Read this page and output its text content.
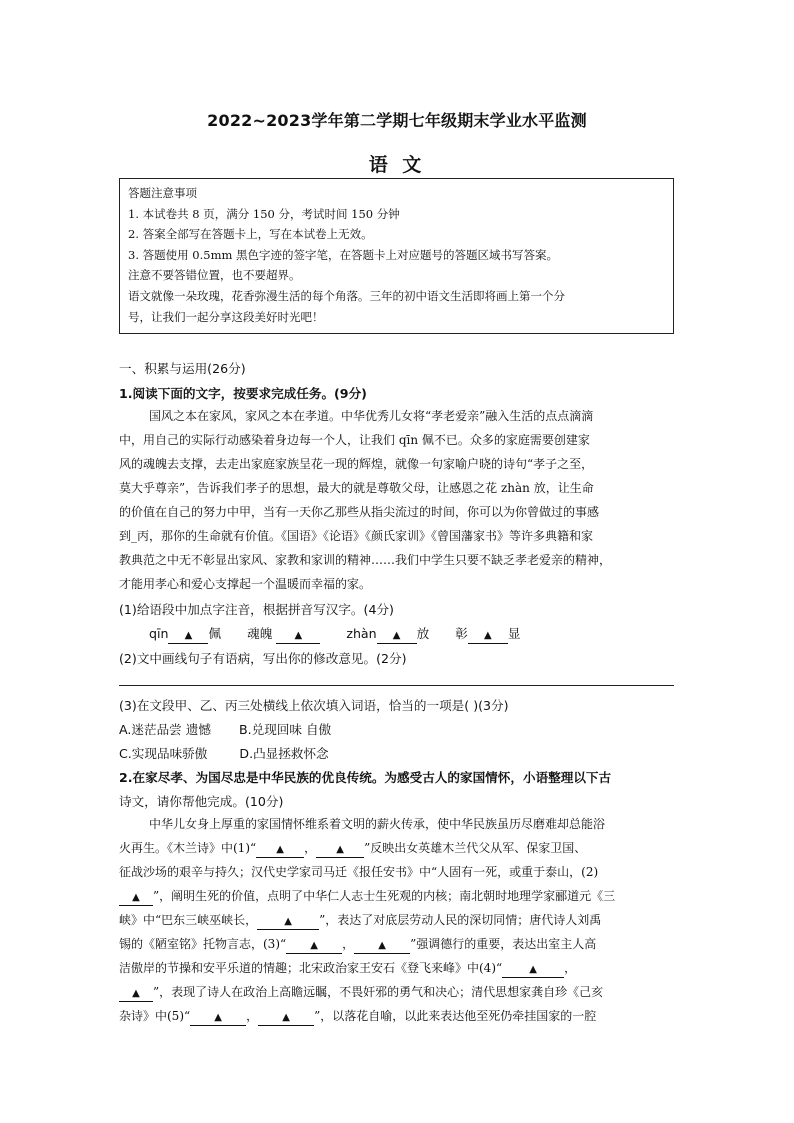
2022~2023学年第二学期七年级期末学业水平监测
语 文
答题注意事项
1. 本试卷共 8 页，满分 150 分，考试时间 150 分钟
2. 答案全部写在答题卡上，写在本试卷上无效。
3. 答题使用 0.5mm 黑色字迹的签字笔，在答题卡上对应题号的答题区域书写答案。
注意不要答错位置，也不要超界。
语文就像一朵玫瑰，花香弥漫生活的每个角落。三年的初中语文生活即将画上第一个分
号，让我们一起分享这段美好时光吧！
一、积累与运用(26分)
1.阅读下面的文字，按要求完成任务。(9分)
国风之本在家风，家风之本在孝道。中华优秀儿女将“孝老爱亲”融入生活的点点滴滴
中，用自己的实际行动感染着身边每一个人，让我们 qīn 佩不已。众多的家庭需要创建家
风的魂魄去支撑，去走出家庭家族呈花一现的辉煌，就像一句家喻户晓的诗句“孝子之至，
莫大乎尊亲”，告诉我们孝子的思想，最大的就是尊敬父母，让感恩之花 zhàn 放，让生命
的价值在自己的努力中甲，当有一天你乙那些从指尖流过的时间，你可以为你曾做过的事感
到_丙，那你的生命就有价值。《国语》《论语》《颜氏家训》《曾国藩家书》等许多典籍和家
教典范之中无不彰显出家风、家教和家训的精神……我们中学生只要不缺乏孝老爱亲的精神，
才能用孝心和爱心支撑起一个温暖而幸福的家。
(1)给语段中加点字注音，根据拼音写汉字。(4分)
qīn ▲ 佩 魂魄 ▲	zhàn ▲ 放 彰 ▲ 显
(2)文中画线句子有语病，写出你的修改意见。(2分)
(3)在文段甲、乙、丙三处横线上依次填入词语，恰当的一项是( )(3分)
A.迷茫品尝 遗憾 B.兑现回味 自傲
C.实现品味骄傲	D.凸显拯救怀念
2.在家尽孝、为国尽忠是中华民族的优良传统。为感受古人的家国情怀，小语整理以下古
诗文，请你帮他完成。(10分)
中华儿女身上厚重的家国情怀维系着文明的薪火传承，使中华民族虽历尽磨难却总能浴
火再生。《木兰诗》中(1)“ ▲ ， ▲ ”反映出女英雄木兰代父从军、保家卫国、
征战沙场的艰辛与持久；汉代史学家司马迁《报任安书》中“人固有一死，或重于泰山，(2)
▲ ”，阐明生死的价值，点明了中华仁人志士生死观的内核；南北朝时地理学家郦道元《三
峡》中“巴东三峡巫峡长，	▲ ”，表达了对底层劳动人民的深切同情；唐代诗人刘禹
锡的《陋室铭》托物言志，(3)“ ▲ ， ▲ ”强调德行的重要，表达出室主人高
洁傲岸的节操和安平乐道的情趣；北宋政治家王安石《登飞来峰》中(4)“	▲ ，
▲ ”，表现了诗人在政治上高瞻远瞩，不畏奸邪的勇气和决心；清代思想家龚自珍《己亥
杂诗》中(5)“ ▲ ， ▲ ”，以落花自喻，以此来表达他至死仍牵挂国家的一腔
